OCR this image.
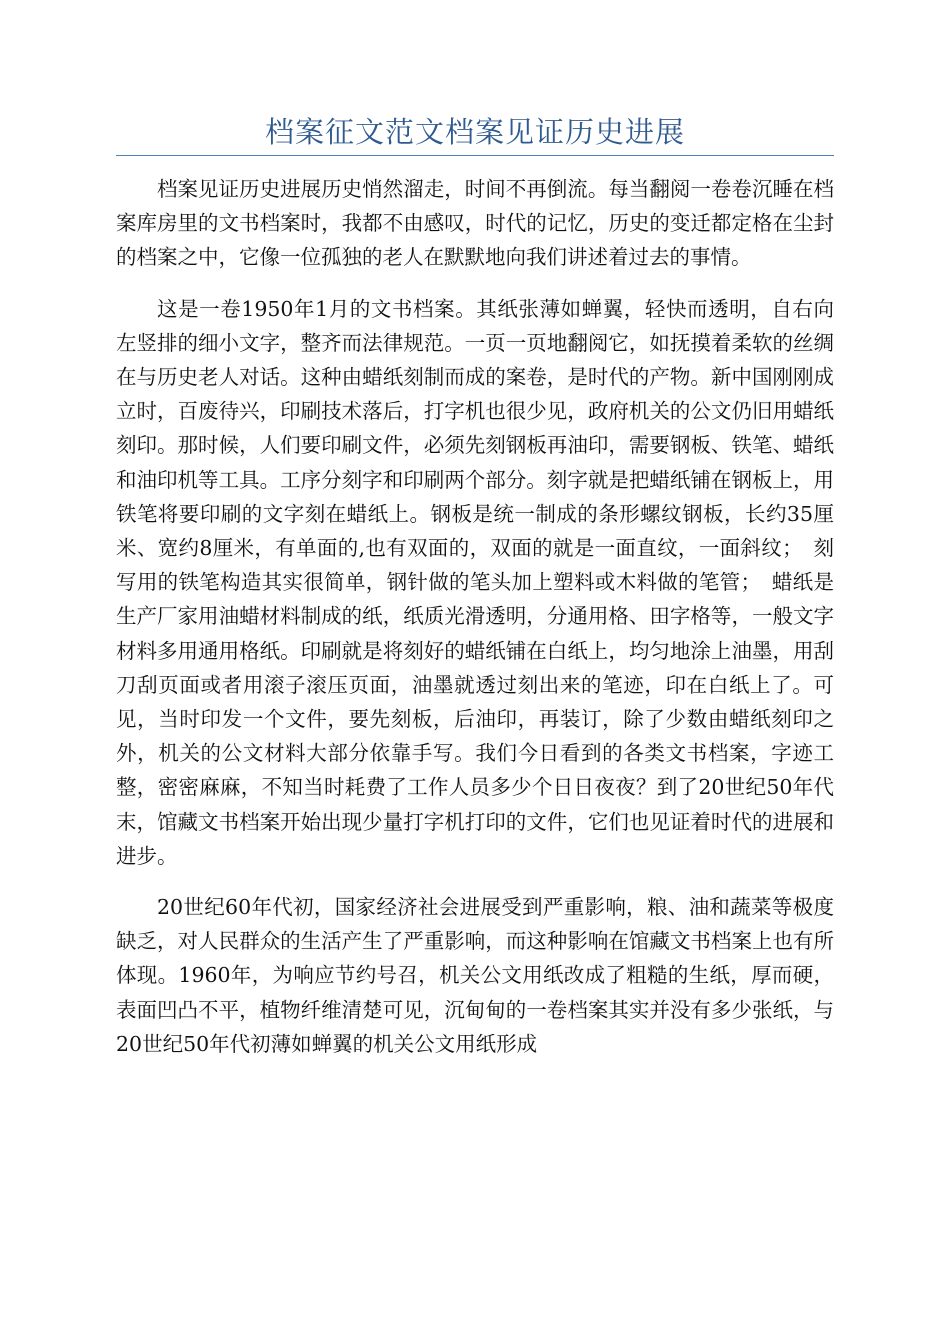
档案征文范文档案见证历史进展

档案见证历史进展历史悄然溜走，时间不再倒流。每当翻阅一卷卷沉睡在档案库房里的文书档案时，我都不由感叹，时代的记忆，历史的变迁都定格在尘封的档案之中，它像一位孤独的老人在默默地向我们讲述着过去的事情。

这是一卷1950年1月的文书档案。其纸张薄如蝉翼，轻快而透明，自右向左竖排的细小文字，整齐而法律规范。一页一页地翻阅它，如抚摸着柔软的丝绸在与历史老人对话。这种由蜡纸刻制而成的案卷，是时代的产物。新中国刚刚成立时，百废待兴，印刷技术落后，打字机也很少见，政府机关的公文仍旧用蜡纸刻印。那时候，人们要印刷文件，必须先刻钢板再油印，需要钢板、铁笔、蜡纸和油印机等工具。工序分刻字和印刷两个部分。刻字就是把蜡纸铺在钢板上，用铁笔将要印刷的文字刻在蜡纸上。钢板是统一制成的条形螺纹钢板，长约35厘米、宽约8厘米，有单面的,也有双面的，双面的就是一面直纹，一面斜纹；　刻写用的铁笔构造其实很简单，钢针做的笔头加上塑料或木料做的笔管；　蜡纸是生产厂家用油蜡材料制成的纸，纸质光滑透明，分通用格、田字格等，一般文字材料多用通用格纸。印刷就是将刻好的蜡纸铺在白纸上，均匀地涂上油墨，用刮刀刮页面或者用滚子滚压页面，油墨就透过刻出来的笔迹，印在白纸上了。可见，当时印发一个文件，要先刻板，后油印，再装订，除了少数由蜡纸刻印之外，机关的公文材料大部分依靠手写。我们今日看到的各类文书档案，字迹工整，密密麻麻，不知当时耗费了工作人员多少个日日夜夜？到了20世纪50年代末，馆藏文书档案开始出现少量打字机打印的文件，它们也见证着时代的进展和进步。

20世纪60年代初，国家经济社会进展受到严重影响，粮、油和蔬菜等极度缺乏，对人民群众的生活产生了严重影响，而这种影响在馆藏文书档案上也有所体现。1960年，为响应节约号召，机关公文用纸改成了粗糙的生纸，厚而硬，表面凹凸不平，植物纤维清楚可见，沉甸甸的一卷档案其实并没有多少张纸，与20世纪50年代初薄如蝉翼的机关公文用纸形成
